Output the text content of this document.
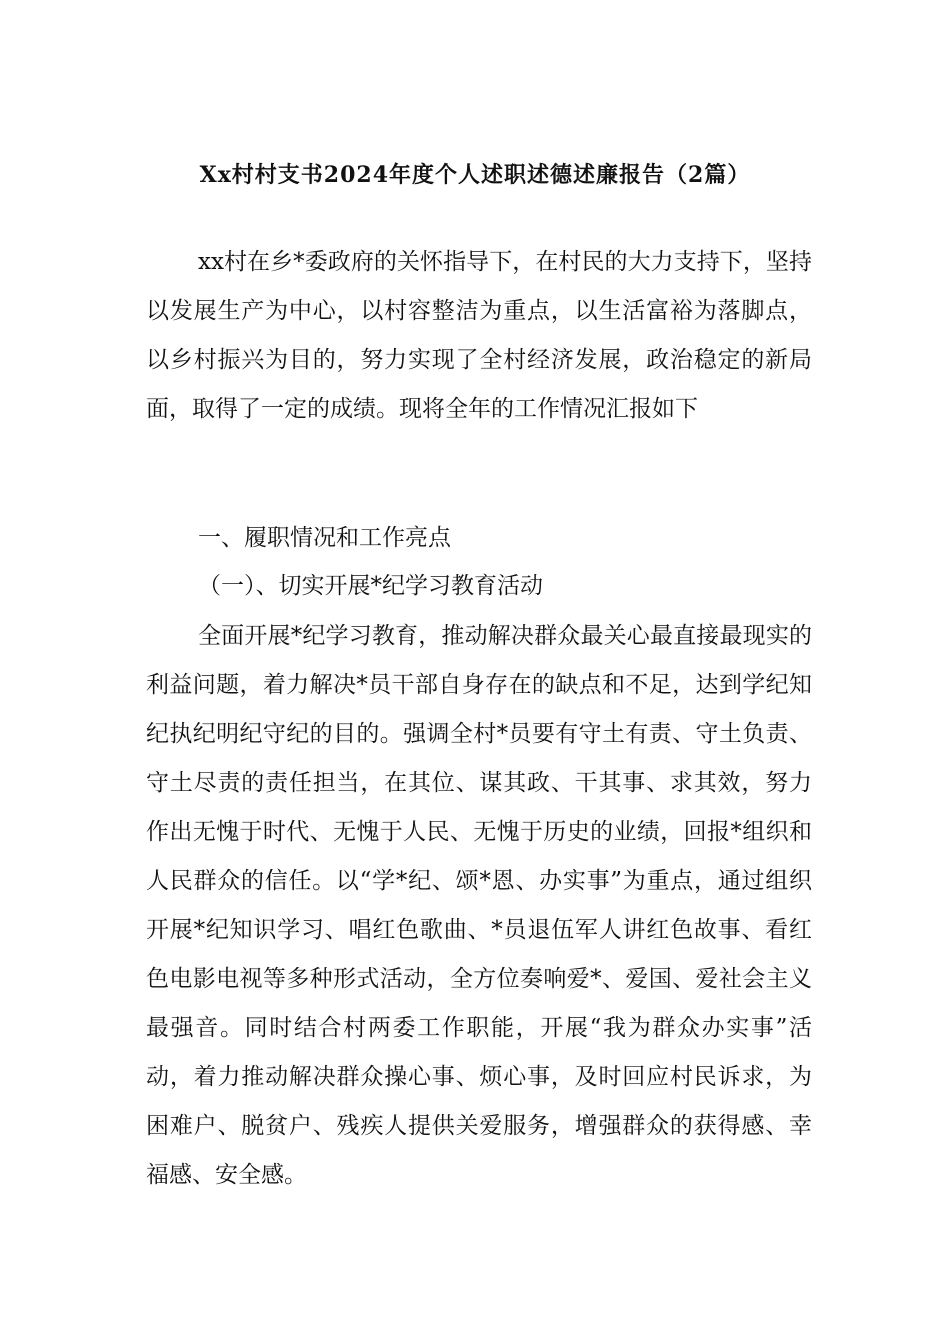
Xx村村支书2024年度个人述职述德述廉报告（2篇）

xx村在乡*委政府的关怀指导下，在村民的大力支持下，坚持以发展生产为中心，以村容整洁为重点，以生活富裕为落脚点，以乡村振兴为目的，努力实现了全村经济发展，政治稳定的新局面，取得了一定的成绩。现将全年的工作情况汇报如下

一、履职情况和工作亮点

（一）、切实开展*纪学习教育活动

全面开展*纪学习教育，推动解决群众最关心最直接最现实的利益问题，着力解决*员干部自身存在的缺点和不足，达到学纪知纪执纪明纪守纪的目的。强调全村*员要有守土有责、守土负责、守土尽责的责任担当，在其位、谋其政、干其事、求其效，努力作出无愧于时代、无愧于人民、无愧于历史的业绩，回报*组织和人民群众的信任。以“学*纪、颂*恩、办实事”为重点，通过组织开展*纪知识学习、唱红色歌曲、*员退伍军人讲红色故事、看红色电影电视等多种形式活动，全方位奏响爱*、爱国、爱社会主义最强音。同时结合村两委工作职能，开展“我为群众办实事”活动，着力推动解决群众操心事、烦心事，及时回应村民诉求，为困难户、脱贫户、残疾人提供关爱服务，增强群众的获得感、幸福感、安全感。
